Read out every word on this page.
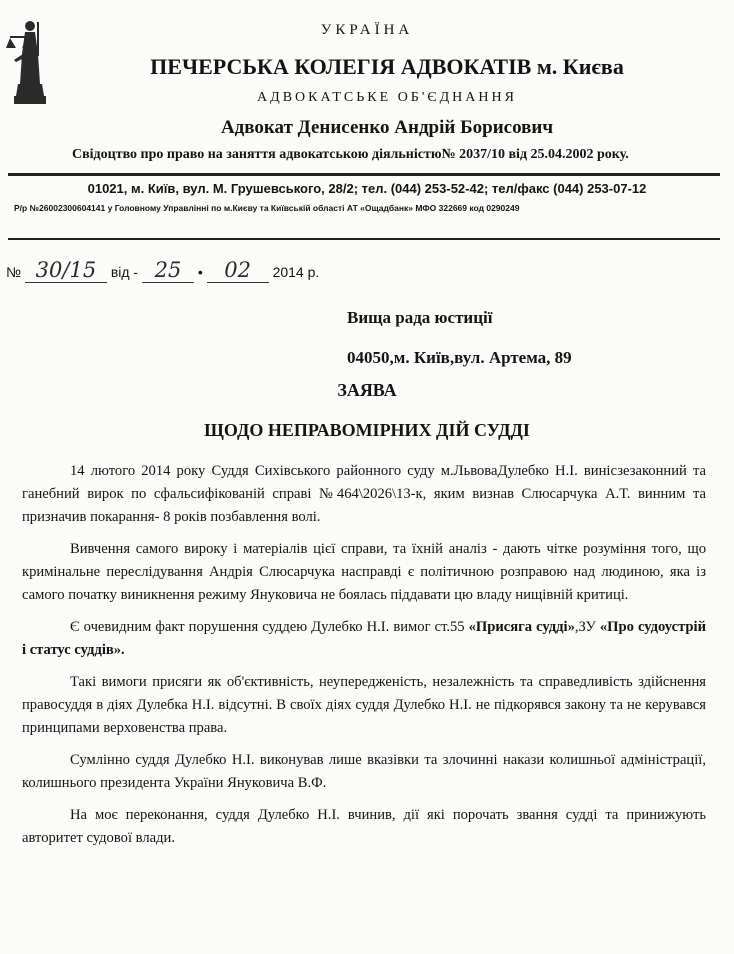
УКРАЇНА
ПЕЧЕРСЬКА КОЛЕГІЯ АДВОКАТІВ м. Києва
АДВОКАТСЬКЕ ОБ'ЄДНАННЯ
Адвокат Денисенко Андрій Борисович
Свідоцтво про право на заняття адвокатською діяльністю№ 2037/10 від 25.04.2002 року.
01021, м. Київ, вул. М. Грушевського, 28/2; тел. (044) 253-52-42; тел/факс (044) 253-07-12
Р/р №26002300604141 у Головному Управлінні по м.Києву та Київській області АТ «Ощадбанк» МФО 322669 код 0290249
№ 30/15 від - 25 • 02 2014 р.
Вища рада юстиції
04050,м. Київ,вул. Артема, 89
ЗАЯВА
ЩОДО НЕПРАВОМІРНИХ ДІЙ СУДДІ

14 лютого 2014 року Суддя Сихівського районного суду м.ЛьвоваДулебко Н.І. винісзезаконний та ганебний вирок по сфальсифікованій справі №464\2026\13-к, яким визнав Слюсарчука А.Т. винним та призначив покарання- 8 років позбавлення волі.

Вивчення самого вироку і матеріалів цієї справи, та їхній аналіз - дають чітке розуміння того, що кримінальне переслідування Андрія Слюсарчука насправді є політичною розправою над людиною, яка із самого початку виникнення режиму Януковича не боялась піддавати цю владу нищівній критиці.

Є очевидним факт порушення суддею Дулебко Н.І. вимог ст.55 «Присяга судді»,ЗУ «Про судоустрій і статус суддів».

Такі вимоги присяги як об'єктивність, неупередженість, незалежність та справедливість здійснення правосуддя в діях Дулебка Н.І. відсутні. В своїх діях суддя Дулебко Н.І. не підкорявся закону та не керувався принципами верховенства права.

Сумлінно суддя Дулебко Н.І. виконував лише вказівки та злочинні накази колишньої адміністрації, колишнього президента України Януковича В.Ф.

На моє переконання, суддя Дулебко Н.І. вчинив, дії які порочать звання судді та принижують авторитет судової влади.
